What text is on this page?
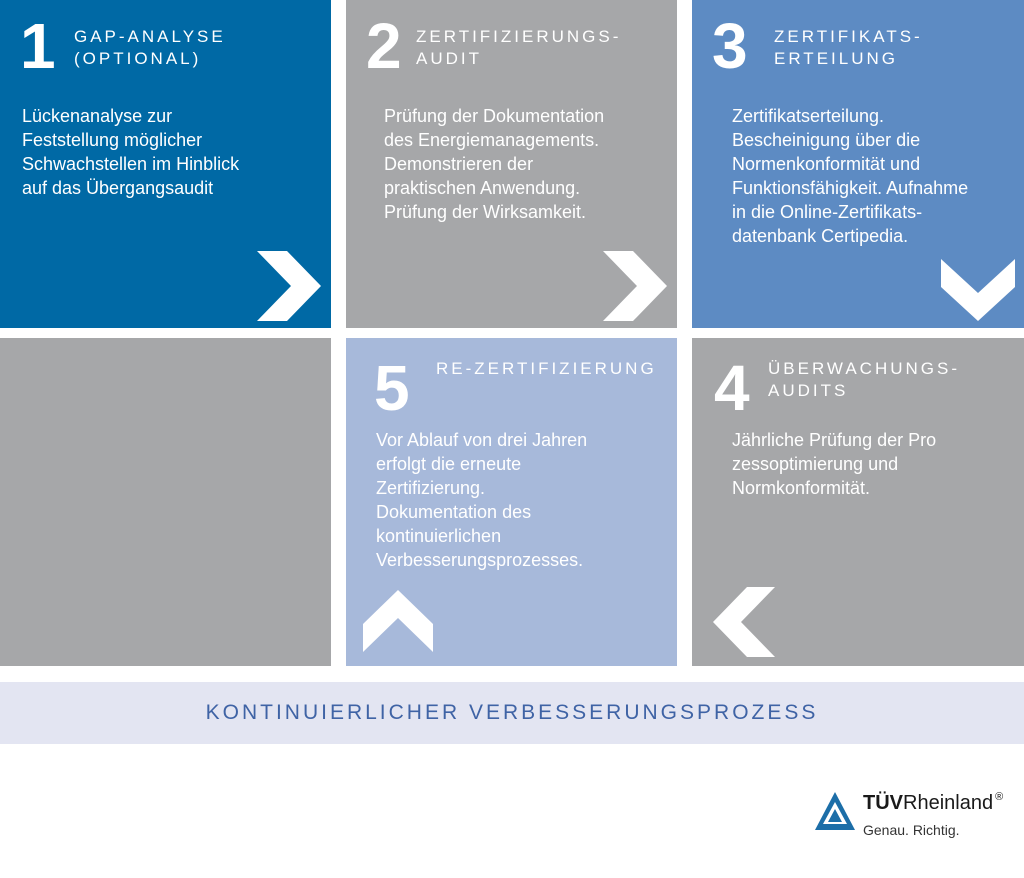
1 GAP-ANALYSE
(OPTIONAL)
Lückenanalyse zur
Feststellung möglicher
Schwachstellen im Hinblick
auf das Übergangsaudit
2 ZERTIFIZIERUNGS-
AUDIT
Prüfung der Dokumentation
des Energiemanagements.
Demonstrieren der
praktischen Anwendung.
Prüfung der Wirksamkeit.
3 ZERTIFIKATS-
ERTEILUNG
Zertifikatserteilung.
Bescheinigung über die
Normenkonformität und
Funktionsfähigkeit. Aufnahme
in die Online-Zertifikats-
datenbank Certipedia.
5 RE-ZERTIFIZIERUNG
Vor Ablauf von drei Jahren
erfolgt die erneute
Zertifizierung.
Dokumentation des
kontinuierlichen
Verbesserungsprozesses.
4 ÜBERWACHUNGS-
AUDITS
Jährliche Prüfung der Pro
zessoptimierung und
Normkonformität.
KONTINUIERLICHER VERBESSERUNGSPROZESS
TÜVRheinland ®
Genau. Richtig.
